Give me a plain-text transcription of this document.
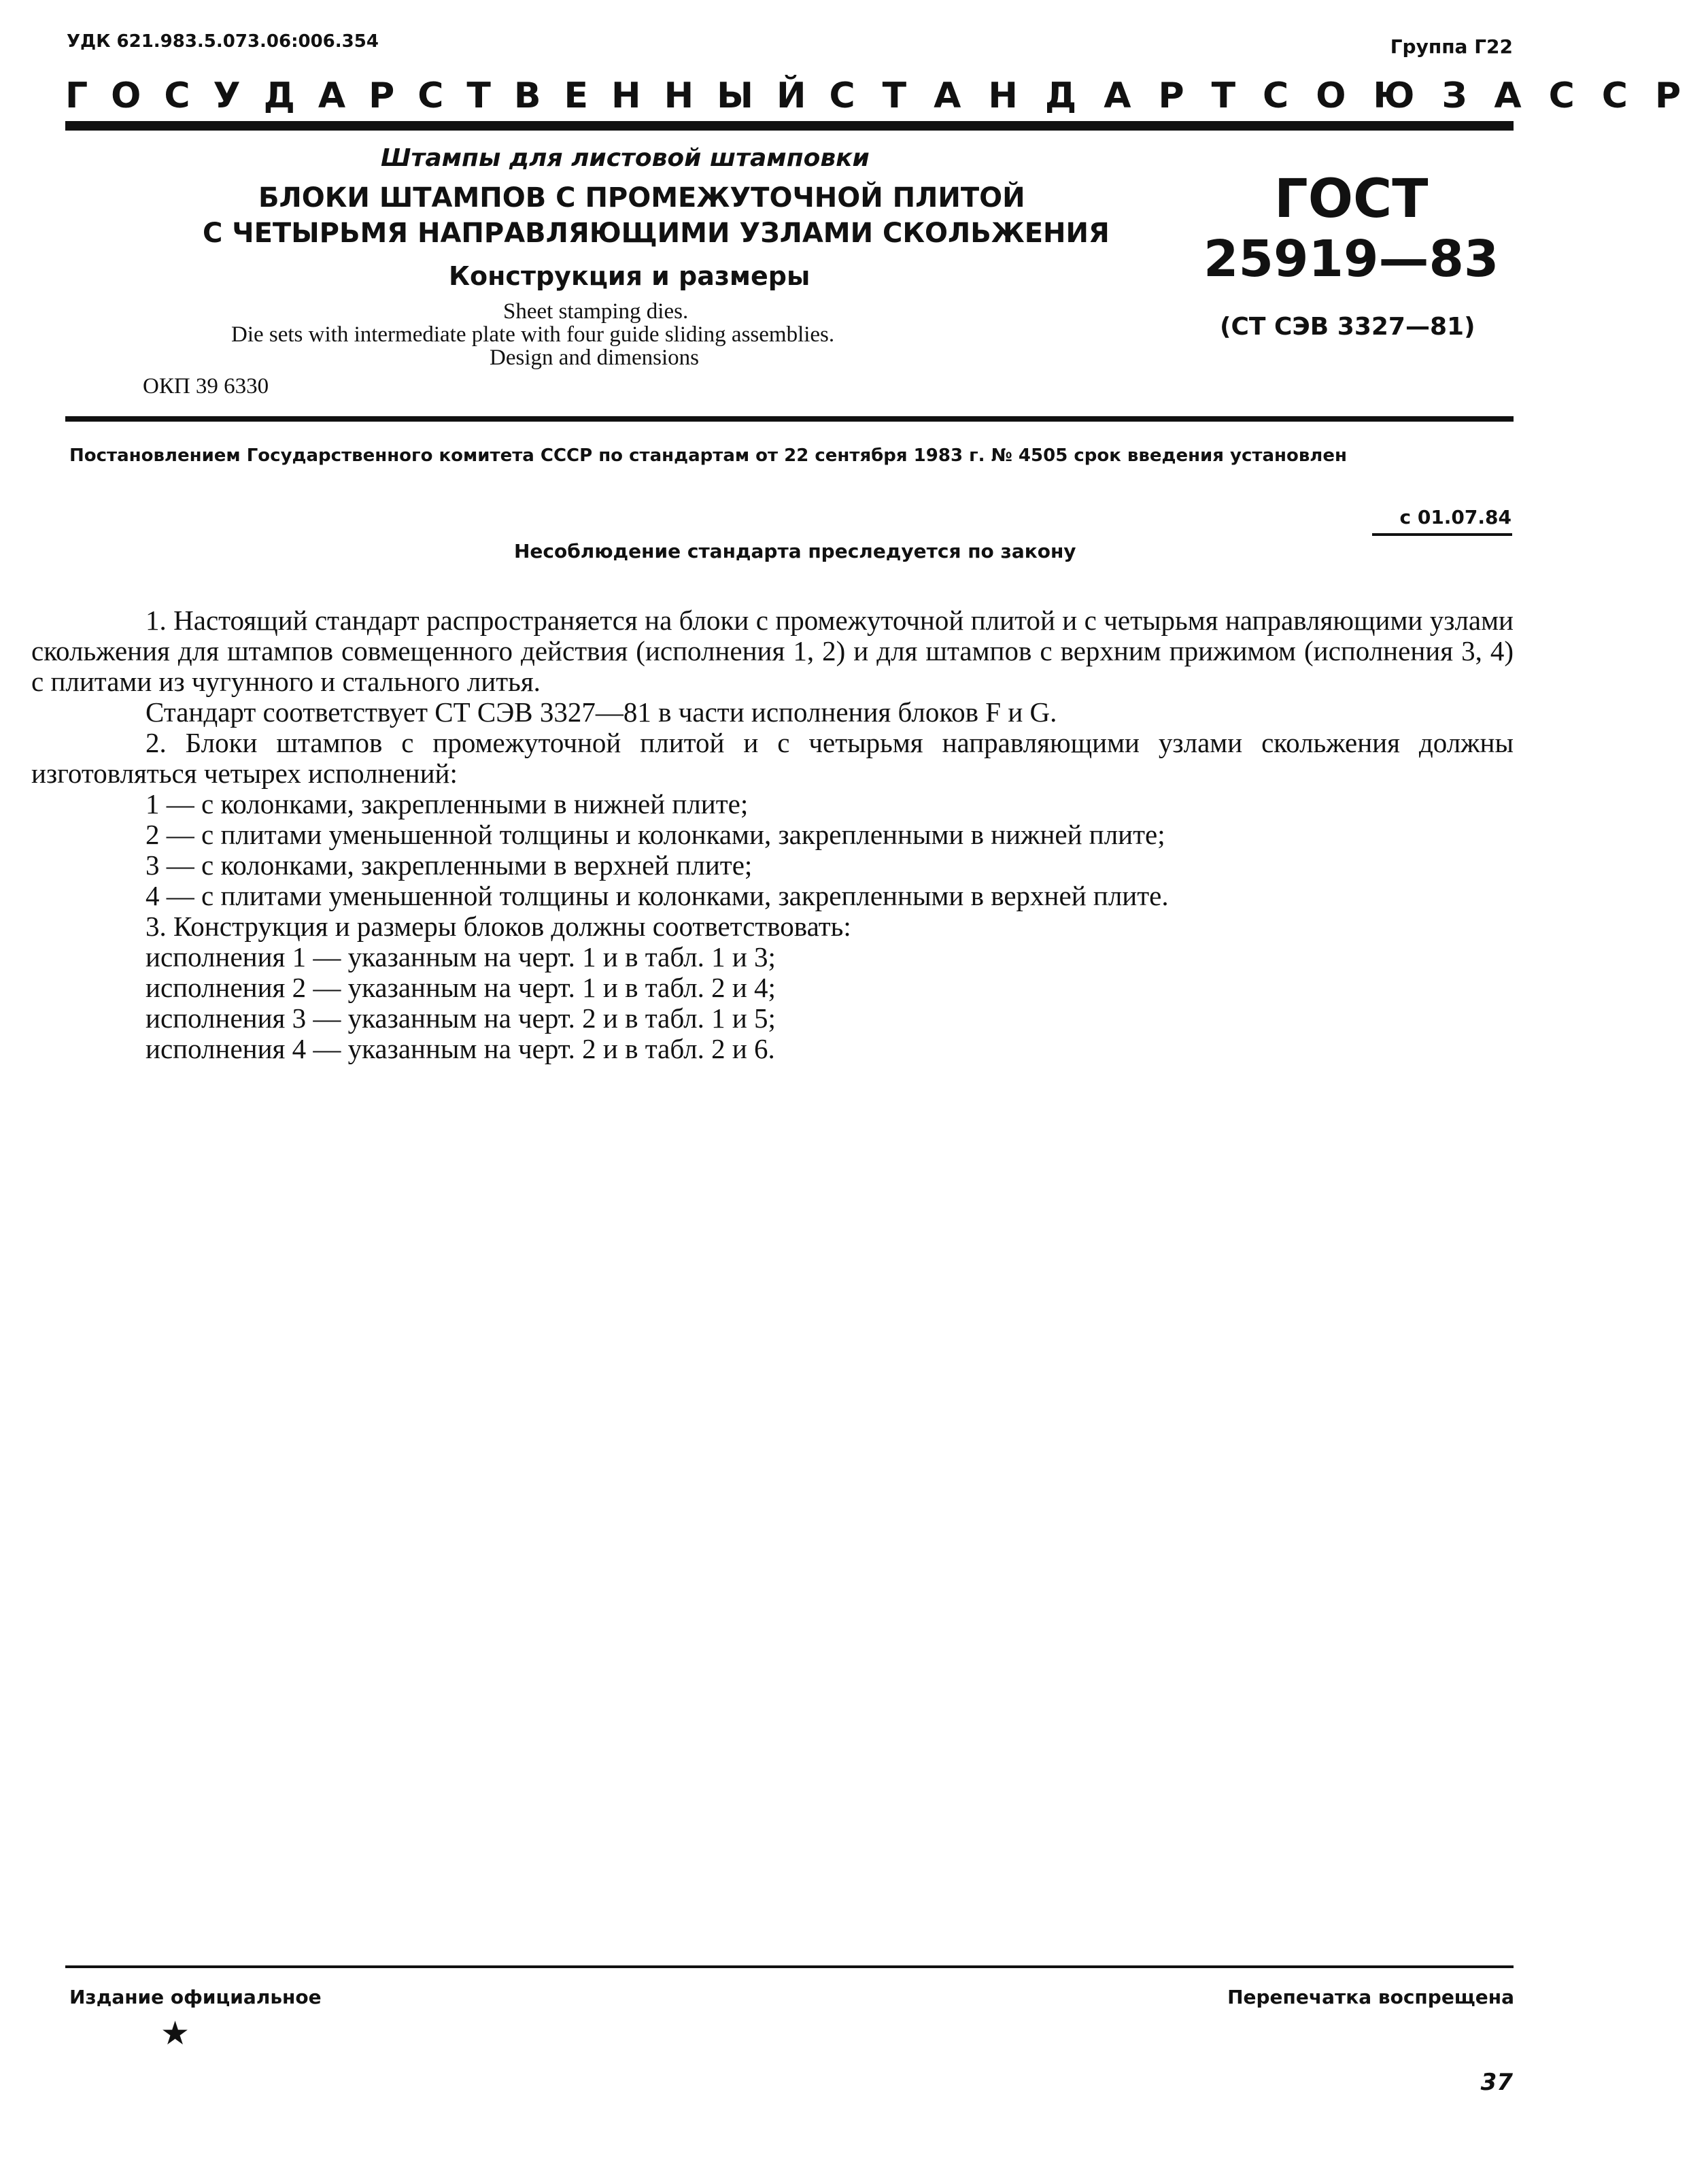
УДК 621.983.5.073.06:006.354	Группа Г22
ГОСУДАРСТВЕННЫЙ СТАНДАРТ СОЮЗА ССР
Штампы для листовой штамповки
БЛОКИ ШТАМПОВ С ПРОМЕЖУТОЧНОЙ ПЛИТОЙ
С ЧЕТЫРЬМЯ НАПРАВЛЯЮЩИМИ УЗЛАМИ СКОЛЬЖЕНИЯ
Конструкция и размеры
Sheet stamping dies.
Die sets with intermediate plate with four guide sliding assemblies.
Design and dimensions
ОКП 39 6330
ГОСТ
25919—83
(СТ СЭВ 3327—81)
Постановлением Государственного комитета СССР по стандартам от 22 сентября 1983 г. № 4505 срок введения установлен
с 01.07.84
Несоблюдение стандарта преследуется по закону

1. Настоящий стандарт распространяется на блоки с промежуточной плитой и с четырьмя направляющими узлами скольжения для штампов совмещенного действия (исполнения 1, 2) и для штампов с верхним прижимом (исполнения 3, 4) с плитами из чугунного и стального литья.

Стандарт соответствует СТ СЭВ 3327—81 в части исполнения блоков F и G.

2. Блоки штампов с промежуточной плитой и с четырьмя направляющими узлами скольжения должны изготовляться четырех исполнений:

1 — с колонками, закрепленными в нижней плите;

2 — с плитами уменьшенной толщины и колонками, закрепленными в нижней плите;

3 — с колонками, закрепленными в верхней плите;

4 — с плитами уменьшенной толщины и колонками, закрепленными в верхней плите.

3. Конструкция и размеры блоков должны соответствовать:

исполнения 1 — указанным на черт. 1 и в табл. 1 и 3;

исполнения 2 — указанным на черт. 1 и в табл. 2 и 4;

исполнения 3 — указанным на черт. 2 и в табл. 1 и 5;

исполнения 4 — указанным на черт. 2 и в табл. 2 и 6.

Издание официальное
★
Перепечатка воспрещена
37
